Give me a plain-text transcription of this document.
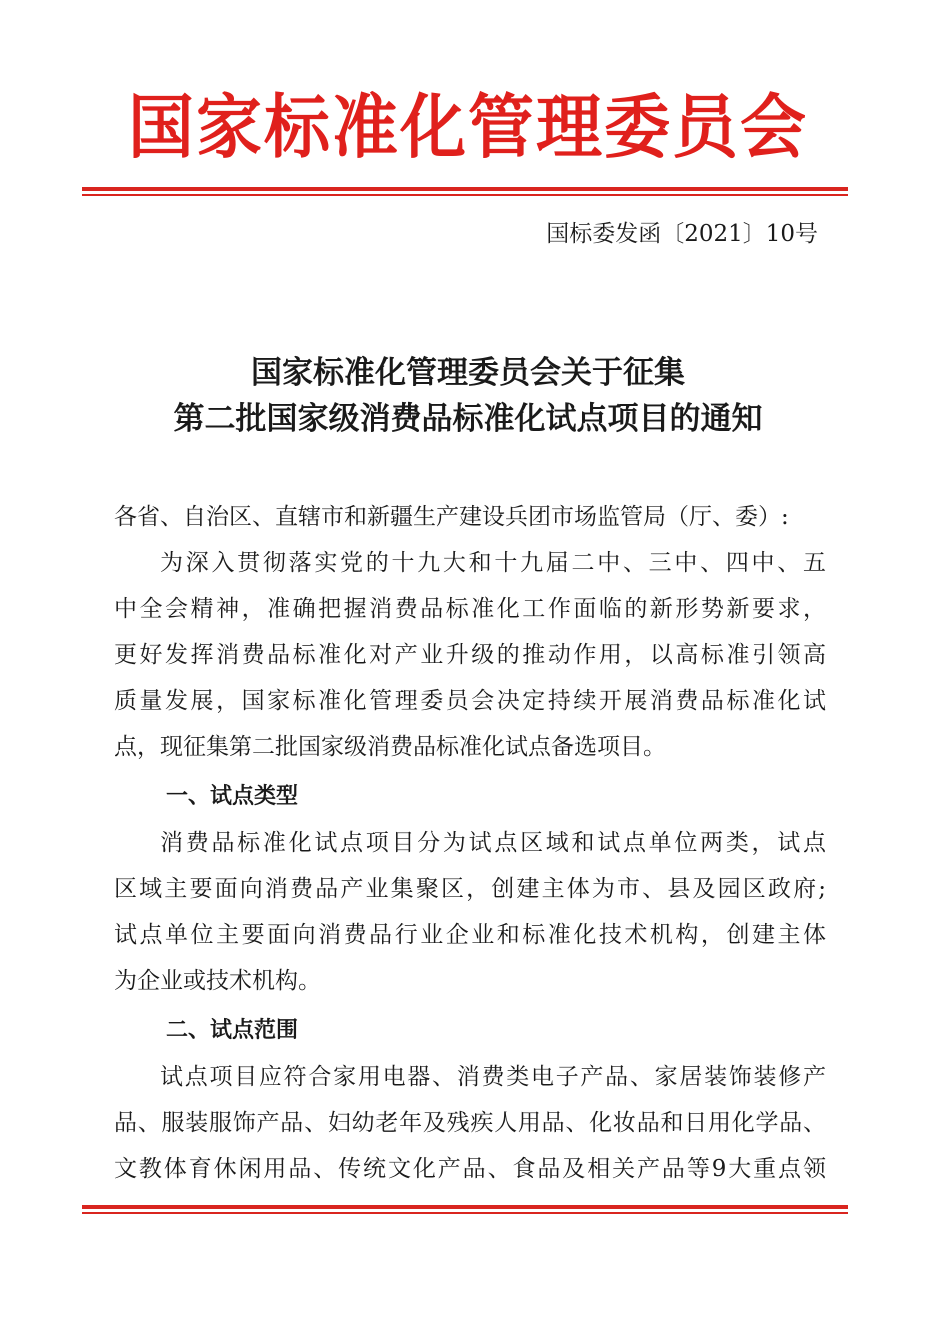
国家标准化管理委员会
国标委发函〔2021〕10号
国家标准化管理委员会关于征集
第二批国家级消费品标准化试点项目的通知
各省、自治区、直辖市和新疆生产建设兵团市场监管局（厅、委）:
为深入贯彻落实党的十九大和十九届二中、三中、四中、五
中全会精神，准确把握消费品标准化工作面临的新形势新要求，
更好发挥消费品标准化对产业升级的推动作用，以高标准引领高
质量发展，国家标准化管理委员会决定持续开展消费品标准化试
点，现征集第二批国家级消费品标准化试点备选项目。
一、试点类型
消费品标准化试点项目分为试点区域和试点单位两类，试点
区域主要面向消费品产业集聚区，创建主体为市、县及园区政府;
试点单位主要面向消费品行业企业和标准化技术机构，创建主体
为企业或技术机构。
二、试点范围
试点项目应符合家用电器、消费类电子产品、家居装饰装修产
品、服装服饰产品、妇幼老年及残疾人用品、化妆品和日用化学品、
文教体育休闲用品、传统文化产品、食品及相关产品等9大重点领
